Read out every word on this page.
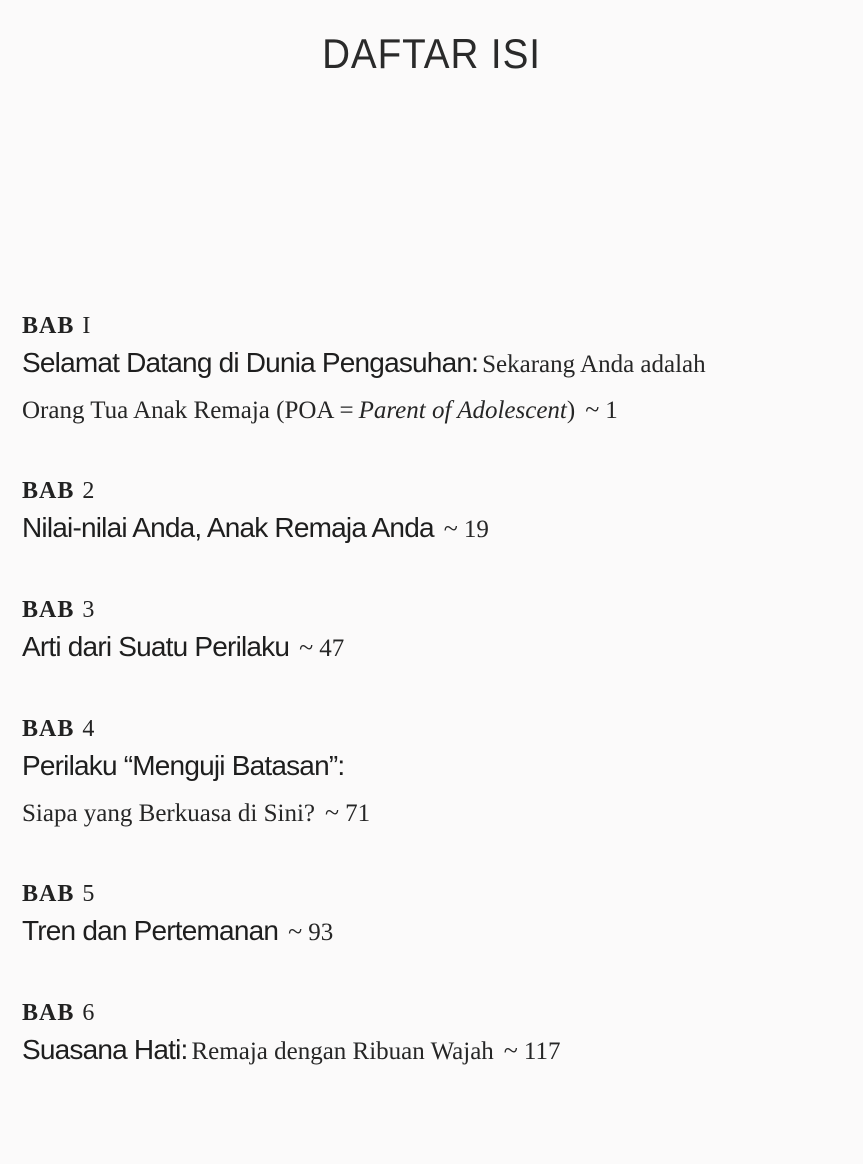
DAFTAR ISI
BAB I
Selamat Datang di Dunia Pengasuhan: Sekarang Anda adalah
Orang Tua Anak Remaja (POA = Parent of Adolescent) ~ 1
BAB 2
Nilai-nilai Anda, Anak Remaja Anda ~ 19
BAB 3
Arti dari Suatu Perilaku ~ 47
BAB 4
Perilaku “Menguji Batasan”:
Siapa yang Berkuasa di Sini? ~ 71
BAB 5
Tren dan Pertemanan ~ 93
BAB 6
Suasana Hati: Remaja dengan Ribuan Wajah ~ 117
